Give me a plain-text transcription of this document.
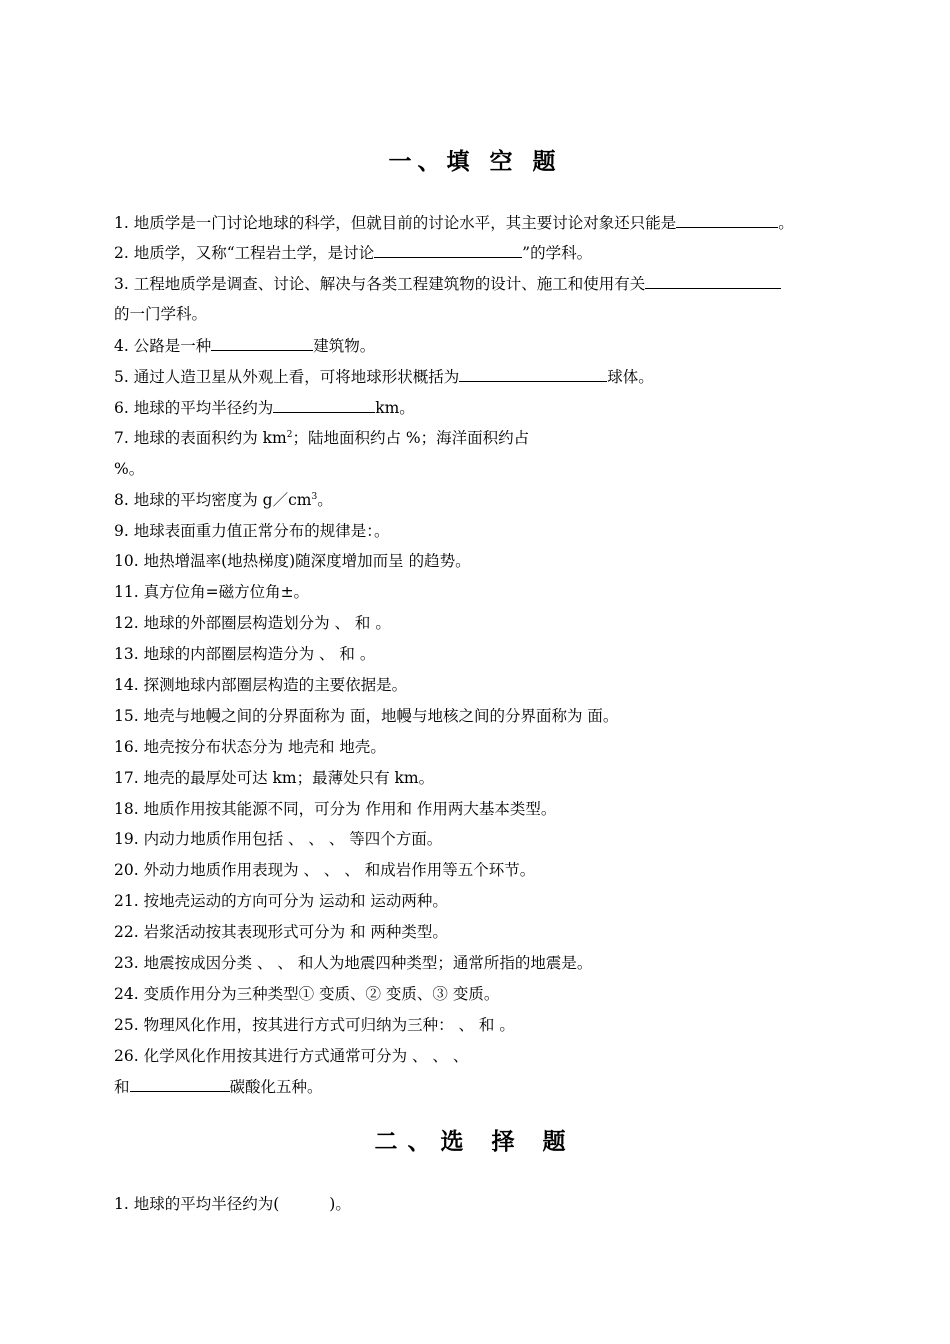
一、填 空 题
1. 地质学是一门讨论地球的科学，但就目前的讨论水平，其主要讨论对象还只能是	。
2. 地质学，又称“工程岩土学，是讨论	”的学科。
3. 工程地质学是调查、讨论、解决与各类工程建筑物的设计、施工和使用有关
的一门学科。
4. 公路是一种	建筑物。
5. 通过人造卫星从外观上看，可将地球形状概括为	球体。
6. 地球的平均半径约为	km。
7. 地球的表面积约为 $km^2$；陆地面积约占 %；海洋面积约占
%。
8. 地球的平均密度为 $g/cm^3$。
9. 地球表面重力值正常分布的规律是：。
10. 地热增温率(地热梯度)随深度增加而呈 的趋势。
11. 真方位角=磁方位角±。
12. 地球的外部圈层构造划分为 、 和 。
13. 地球的内部圈层构造分为 、 和 。
14. 探测地球内部圈层构造的主要依据是。
15. 地壳与地幔之间的分界面称为 面，地幔与地核之间的分界面称为 面。
16. 地壳按分布状态分为 地壳和 地壳。
17. 地壳的最厚处可达 km；最薄处只有 km。
18. 地质作用按其能源不同，可分为 作用和 作用两大基本类型。
19. 内动力地质作用包括 、 、 、 等四个方面。
20. 外动力地质作用表现为 、 、 、 和成岩作用等五个环节。
21. 按地壳运动的方向可分为 运动和 运动两种。
22. 岩浆活动按其表现形式可分为 和 两种类型。
23. 地震按成因分类 、 、 和人为地震四种类型；通常所指的地震是。
24. 变质作用分为三种类型① 变质、② 变质、③ 变质。
25. 物理风化作用，按其进行方式可归纳为三种： 、 和 。
26. 化学风化作用按其进行方式通常可分为 、 、 、
和	碳酸化五种。
二、选 择 题
1. 地球的平均半径约为(	)。
